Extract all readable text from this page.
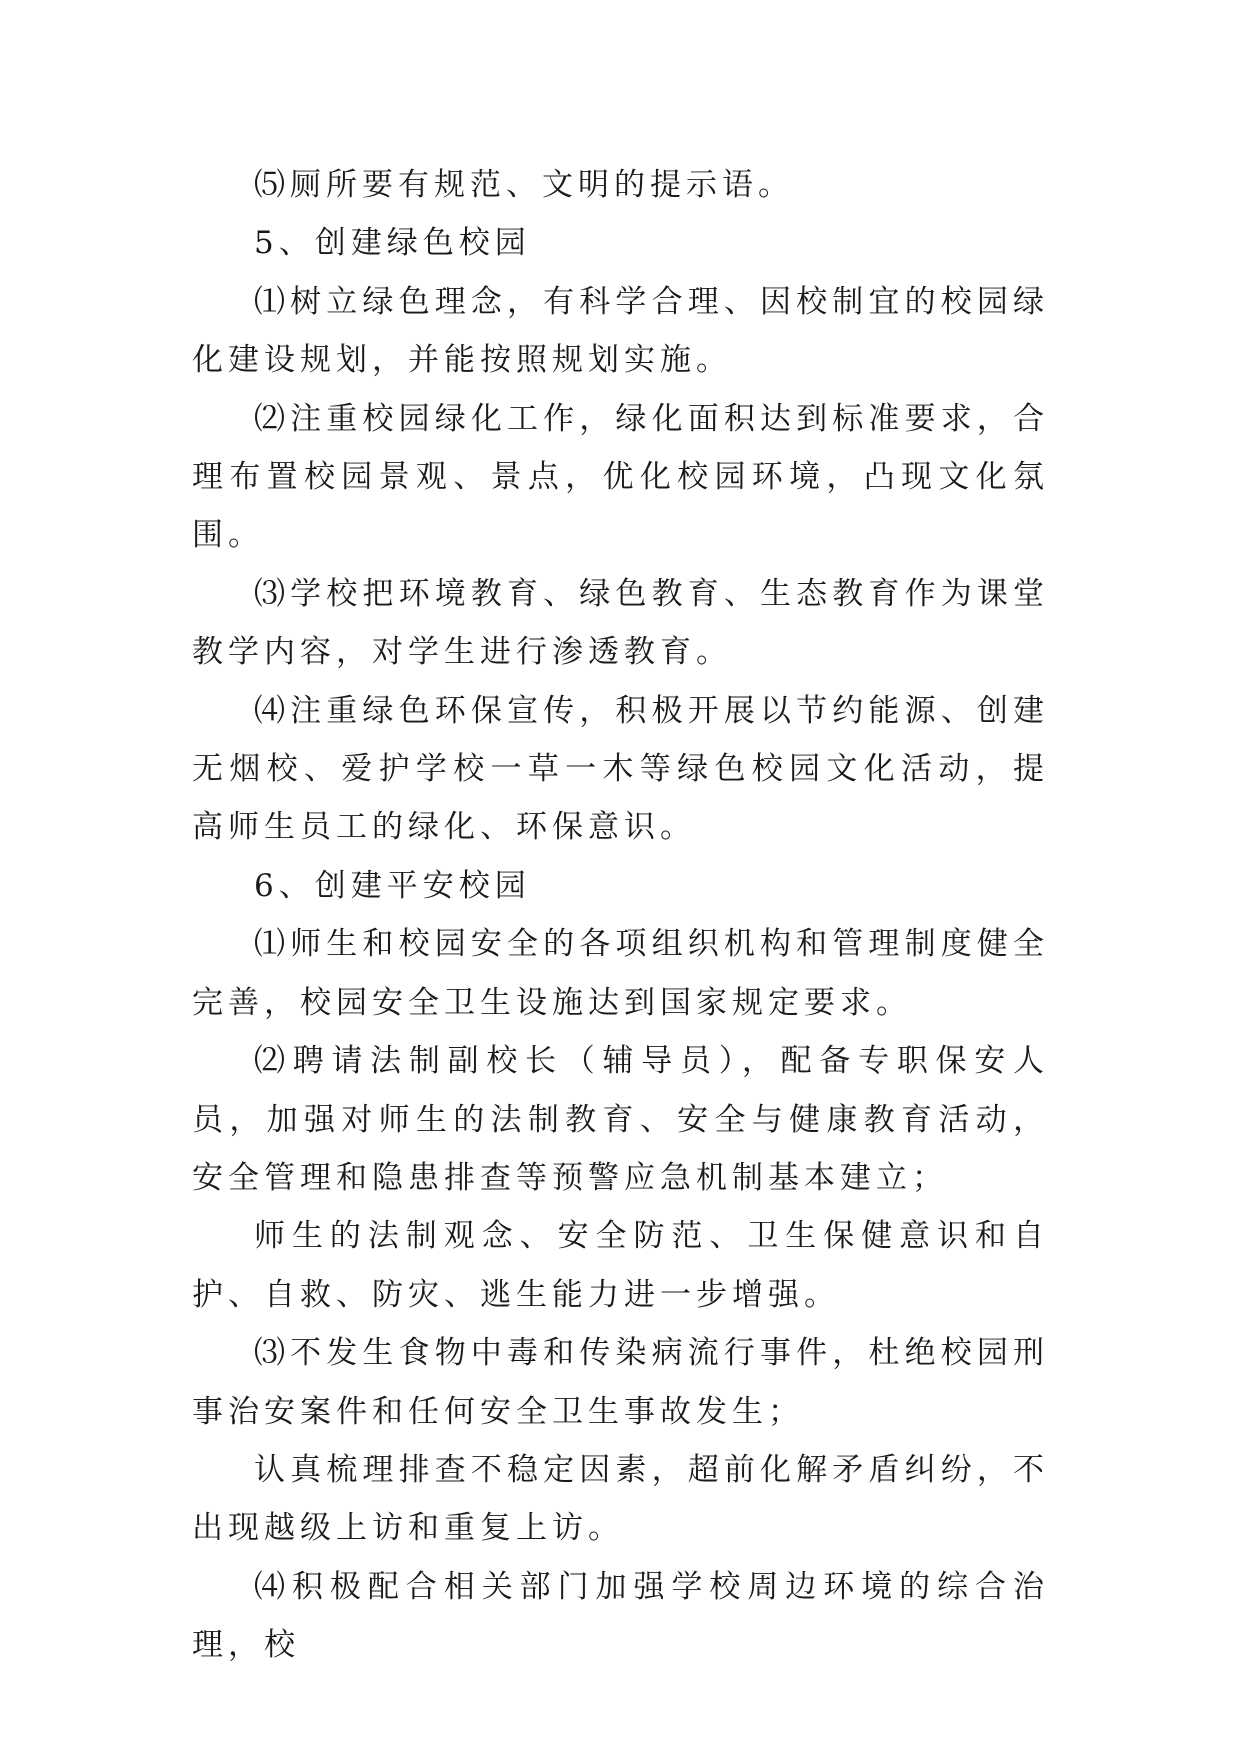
⑸厕所要有规范、文明的提示语。

5、创建绿色校园

⑴树立绿色理念，有科学合理、因校制宜的校园绿化建设规划，并能按照规划实施。

⑵注重校园绿化工作，绿化面积达到标准要求，合理布置校园景观、景点，优化校园环境，凸现文化氛围。

⑶学校把环境教育、绿色教育、生态教育作为课堂教学内容，对学生进行渗透教育。

⑷注重绿色环保宣传，积极开展以节约能源、创建无烟校、爱护学校一草一木等绿色校园文化活动，提高师生员工的绿化、环保意识。

6、创建平安校园

⑴师生和校园安全的各项组织机构和管理制度健全完善，校园安全卫生设施达到国家规定要求。

⑵聘请法制副校长（辅导员），配备专职保安人员，加强对师生的法制教育、安全与健康教育活动，安全管理和隐患排查等预警应急机制基本建立；

师生的法制观念、安全防范、卫生保健意识和自护、自救、防灾、逃生能力进一步增强。

⑶不发生食物中毒和传染病流行事件，杜绝校园刑事治安案件和任何安全卫生事故发生；

认真梳理排查不稳定因素，超前化解矛盾纠纷，不出现越级上访和重复上访。

⑷积极配合相关部门加强学校周边环境的综合治理，校
